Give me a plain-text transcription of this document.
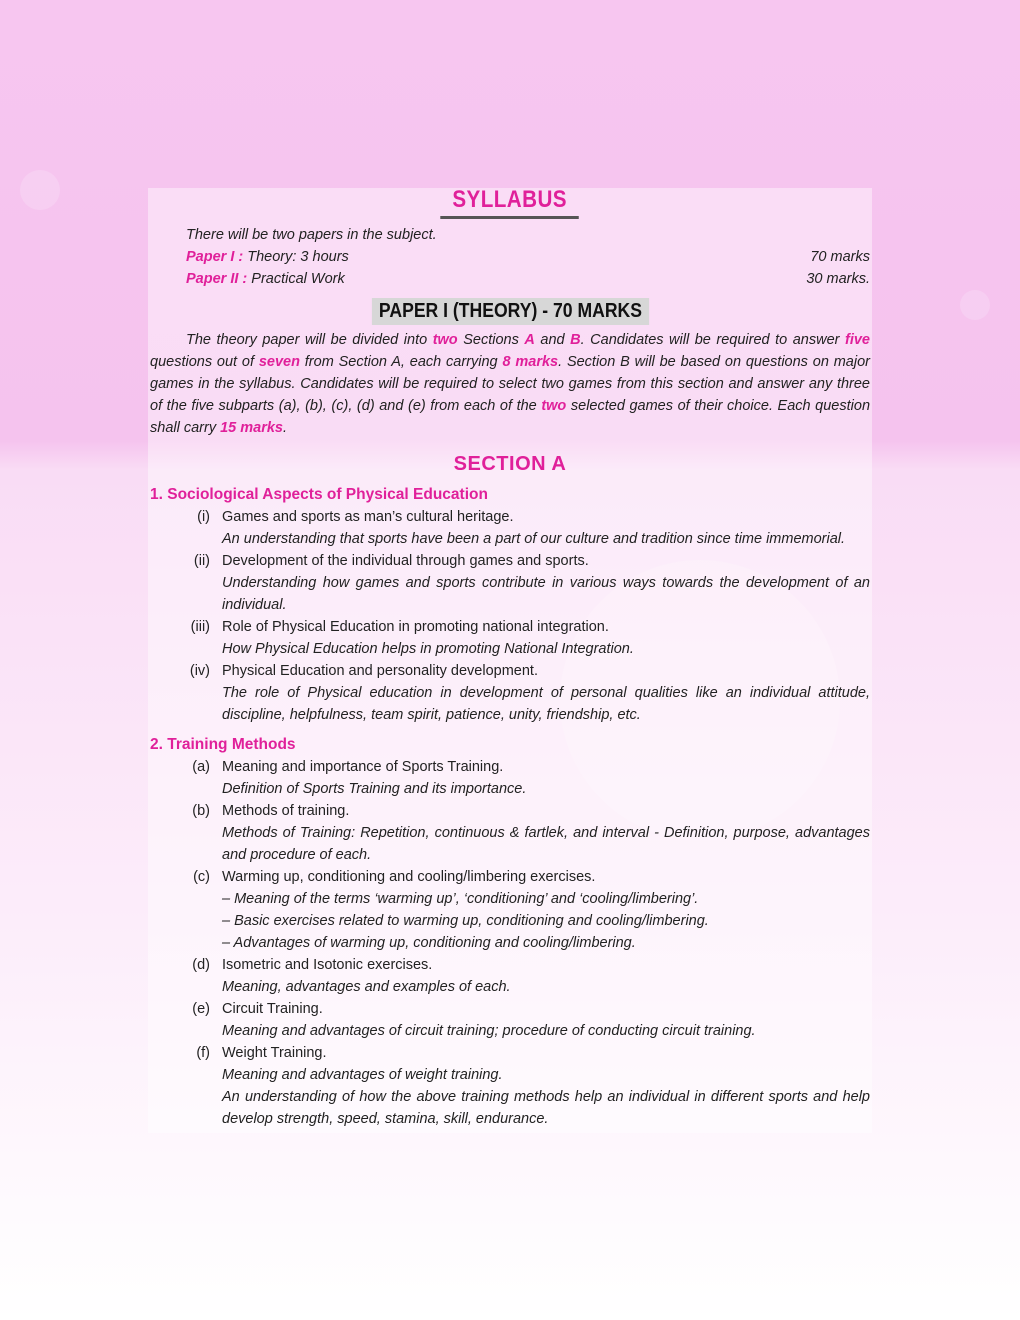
SYLLABUS
There will be two papers in the subject.
Paper I : Theory: 3 hours	70 marks
Paper II : Practical Work	30 marks.
PAPER I (THEORY) - 70 MARKS
The theory paper will be divided into two Sections A and B. Candidates will be required to answer five questions out of seven from Section A, each carrying 8 marks. Section B will be based on questions on major games in the syllabus. Candidates will be required to select two games from this section and answer any three of the five subparts (a), (b), (c), (d) and (e) from each of the two selected games of their choice. Each question shall carry 15 marks.
SECTION A
1. Sociological Aspects of Physical Education
(i) Games and sports as man’s cultural heritage.
An understanding that sports have been a part of our culture and tradition since time immemorial.
(ii) Development of the individual through games and sports.
Understanding how games and sports contribute in various ways towards the development of an individual.
(iii) Role of Physical Education in promoting national integration.
How Physical Education helps in promoting National Integration.
(iv) Physical Education and personality development.
The role of Physical education in development of personal qualities like an individual attitude, discipline, helpfulness, team spirit, patience, unity, friendship, etc.
2. Training Methods
(a) Meaning and importance of Sports Training.
Definition of Sports Training and its importance.
(b) Methods of training.
Methods of Training: Repetition, continuous & fartlek, and interval - Definition, purpose, advantages and procedure of each.
(c) Warming up, conditioning and cooling/limbering exercises.
– Meaning of the terms ‘warming up’, ‘conditioning’ and ‘cooling/limbering’.
– Basic exercises related to warming up, conditioning and cooling/limbering.
– Advantages of warming up, conditioning and cooling/limbering.
(d) Isometric and Isotonic exercises.
Meaning, advantages and examples of each.
(e) Circuit Training.
Meaning and advantages of circuit training; procedure of conducting circuit training.
(f) Weight Training.
Meaning and advantages of weight training.
An understanding of how the above training methods help an individual in different sports and help develop strength, speed, stamina, skill, endurance.
